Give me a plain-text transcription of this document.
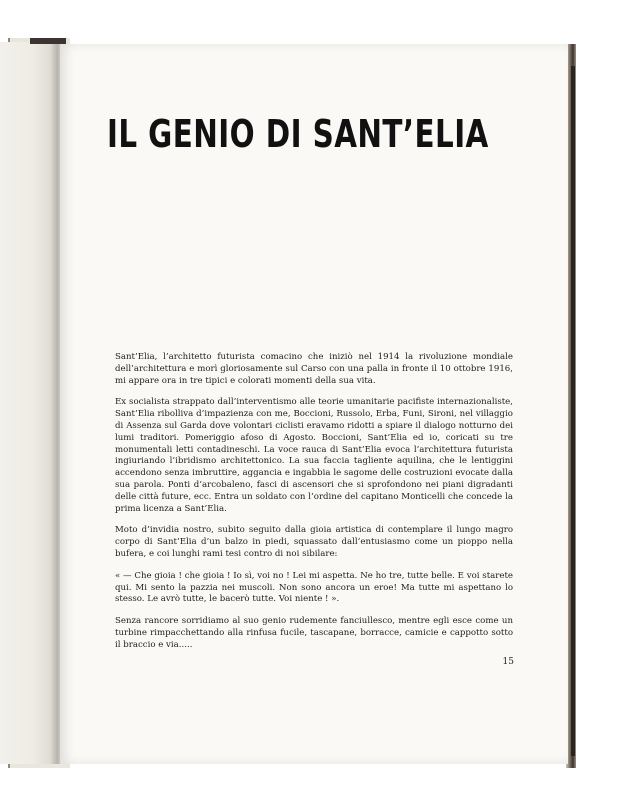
IL GENIO DI SANT’ELIA

Sant’Elia, l’architetto futurista comacino che iniziò nel 1914 la rivoluzione mondiale dell’architettura e morì gloriosamente sul Carso con una palla in fronte il 10 ottobre 1916, mi appare ora in tre tipici e colorati momenti della sua vita.

Ex socialista strappato dall’interventismo alle teorie umanitarie pacifiste internazionaliste, Sant’Elia ribolliva d’impazienza con me, Boccioni, Russolo, Erba, Funi, Sironi, nel villaggio di Assenza sul Garda dove volontari ciclisti eravamo ridotti a spiare il dialogo notturno dei lumi traditori. Pomeriggio afoso di Agosto. Boccioni, Sant’Elia ed io, coricati su tre monumentali letti contadineschi. La voce rauca di Sant’Elia evoca l’architettura futurista ingiuriando l’ibridismo architettonico. La sua faccia tagliente aquilina, che le lentiggini accendono senza imbruttire, aggancia e ingabbia le sagome delle costruzioni evocate dalla sua parola. Ponti d’arcobaleno, fasci di ascensori che si sprofondono nei piani digradanti delle città future, ecc. Entra un soldato con l’ordine del capitano Monticelli che concede la prima licenza a Sant’Elia.

Moto d’invidia nostro, subito seguito dalla gioia artistica di contemplare il lungo magro corpo di Sant’Elia d’un balzo in piedi, squassato dall’entusiasmo come un pioppo nella bufera, e coi lunghi rami tesi contro di noi sibilare:

« — Che gioia ! che gioia ! Io sì, voi no ! Lei mi aspetta. Ne ho tre, tutte belle. E voi starete qui. Mi sento la pazzia nei muscoli. Non sono ancora un eroe! Ma tutte mi aspettano lo stesso. Le avrò tutte, le bacerò tutte. Voi niente ! ».

Senza rancore sorridiamo al suo genio rudemente fanciullesco, mentre egli esce come un turbine rimpacchettando alla rinfusa fucile, tascapane, borracce, camicie e cappotto sotto il braccio e via.....

15
